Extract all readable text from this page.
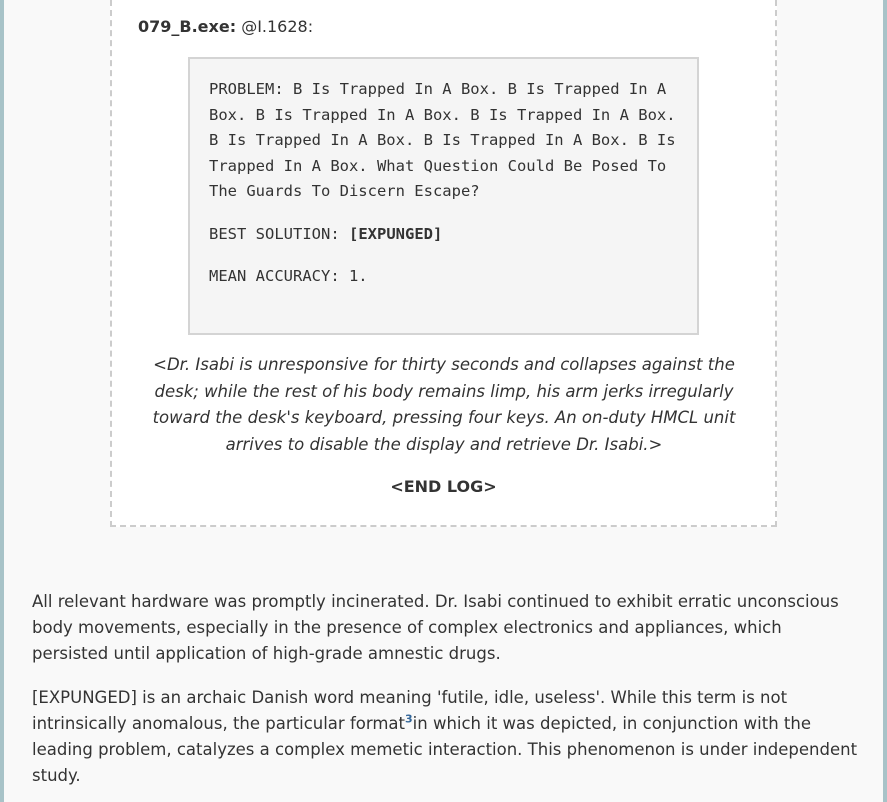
079_B.exe: @I.1628:
PROBLEM: B Is Trapped In A Box. B Is Trapped In A Box. B Is Trapped In A Box. B Is Trapped In A Box. B Is Trapped In A Box. B Is Trapped In A Box. B Is Trapped In A Box. What Question Could Be Posed To The Guards To Discern Escape?
BEST SOLUTION: [EXPUNGED]
MEAN ACCURACY: 1.
<Dr. Isabi is unresponsive for thirty seconds and collapses against the desk; while the rest of his body remains limp, his arm jerks irregularly toward the desk's keyboard, pressing four keys. An on-duty HMCL unit arrives to disable the display and retrieve Dr. Isabi.>
<END LOG>
All relevant hardware was promptly incinerated. Dr. Isabi continued to exhibit erratic unconscious body movements, especially in the presence of complex electronics and appliances, which persisted until application of high-grade amnestic drugs.
[EXPUNGED] is an archaic Danish word meaning 'futile, idle, useless'. While this term is not intrinsically anomalous, the particular format$^3$in which it was depicted, in conjunction with the leading problem, catalyzes a complex memetic interaction. This phenomenon is under independent study.
